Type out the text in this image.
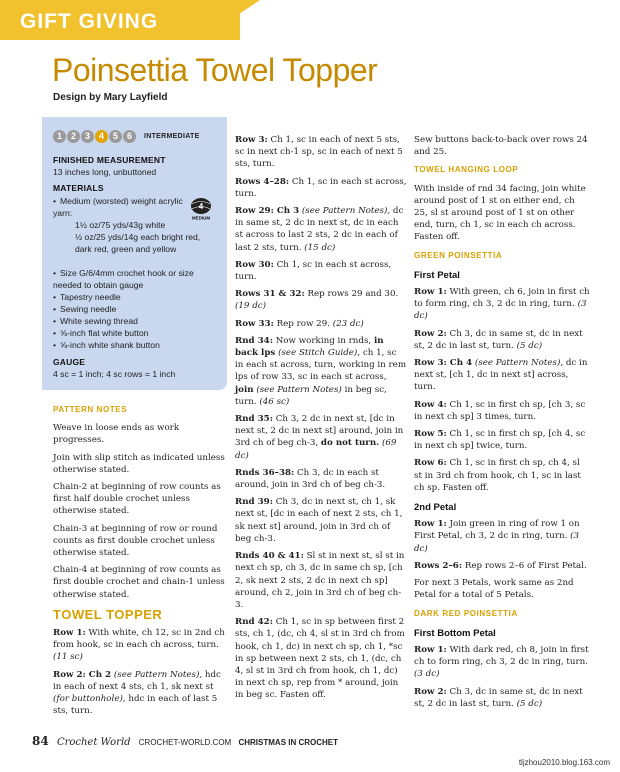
GIFT GIVING
Poinsettia Towel Topper
Design by Mary Layfield
1 2 3 4 5 6	INTERMEDIATE
FINISHED MEASUREMENT
13 inches long, unbuttoned
MATERIALS
4
MEDIUM
• Medium (worsted) weight acrylic yarn:
1½ oz/75 yds/43g white
½ oz/25 yds/14g each bright red, dark red, green and yellow
• Size G/6/4mm crochet hook or size needed to obtain gauge
• Tapestry needle
• Sewing needle
• White sewing thread
• ⅝-inch flat white button
• ⅝-inch white shank button
GAUGE
4 sc = 1 inch; 4 sc rows = 1 inch
PATTERN NOTES

Weave in loose ends as work progresses.

Join with slip stitch as indicated unless otherwise stated.

Chain-2 at beginning of row counts as first half double crochet unless otherwise stated.

Chain-3 at beginning of row or round counts as first double crochet unless otherwise stated.

Chain-4 at beginning of row counts as first double crochet and chain-1 unless otherwise stated.

TOWEL TOPPER

Row 1: With white, ch 12, sc in 2nd ch from hook, sc in each ch across, turn. (11 sc)

Row 2: Ch 2 (see Pattern Notes), hdc in each of next 4 sts, ch 1, sk next st (for buttonhole), hdc in each of last 5 sts, turn.

Row 3: Ch 1, sc in each of next 5 sts, sc in next ch-1 sp, sc in each of next 5 sts, turn.

Rows 4–28: Ch 1, sc in each st across, turn.

Row 29: Ch 3 (see Pattern Notes), dc in same st, 2 dc in next st, dc in each st across to last 2 sts, 2 dc in each of last 2 sts, turn. (15 dc)

Row 30: Ch 1, sc in each st across, turn.

Rows 31 & 32: Rep rows 29 and 30. (19 dc)

Row 33: Rep row 29. (23 dc)

Rnd 34: Now working in rnds, in back lps (see Stitch Guide), ch 1, sc in each st across, turn, working in rem lps of row 33, sc in each st across, join (see Pattern Notes) in beg sc, turn. (46 sc)

Rnd 35: Ch 3, 2 dc in next st, [dc in next st, 2 dc in next st] around, join in 3rd ch of beg ch-3, do not turn. (69 dc)

Rnds 36–38: Ch 3, dc in each st around, join in 3rd ch of beg ch-3.

Rnd 39: Ch 3, dc in next st, ch 1, sk next st, [dc in each of next 2 sts, ch 1, sk next st] around, join in 3rd ch of beg ch-3.

Rnds 40 & 41: Sl st in next st, sl st in next ch sp, ch 3, dc in same ch sp, [ch 2, sk next 2 sts, 2 dc in next ch sp] around, ch 2, join in 3rd ch of beg ch-3.

Rnd 42: Ch 1, sc in sp between first 2 sts, ch 1, (dc, ch 4, sl st in 3rd ch from hook, ch 1, dc) in next ch sp, ch 1, *sc in sp between next 2 sts, ch 1, (dc, ch 4, sl st in 3rd ch from hook, ch 1, dc) in next ch sp, rep from * around, join in beg sc. Fasten off.

Sew buttons back-to-back over rows 24 and 25.

TOWEL HANGING LOOP

With inside of rnd 34 facing, join white around post of 1 st on either end, ch 25, sl st around post of 1 st on other end, turn, ch 1, sc in each ch across. Fasten off.

GREEN POINSETTIA
First Petal

Row 1: With green, ch 6, join in first ch to form ring, ch 3, 2 dc in ring, turn. (3 dc)

Row 2: Ch 3, dc in same st, dc in next st, 2 dc in last st, turn. (5 dc)

Row 3: Ch 4 (see Pattern Notes), dc in next st, [ch 1, dc in next st] across, turn.

Row 4: Ch 1, sc in first ch sp, [ch 3, sc in next ch sp] 3 times, turn.

Row 5: Ch 1, sc in first ch sp, [ch 4, sc in next ch sp] twice, turn.

Row 6: Ch 1, sc in first ch sp, ch 4, sl st in 3rd ch from hook, ch 1, sc in last ch sp. Fasten off.

2nd Petal

Row 1: Join green in ring of row 1 on First Petal, ch 3, 2 dc in ring, turn. (3 dc)

Rows 2–6: Rep rows 2–6 of First Petal.

For next 3 Petals, work same as 2nd Petal for a total of 5 Petals.

DARK RED POINSETTIA
First Bottom Petal

Row 1: With dark red, ch 8, join in first ch to form ring, ch 3, 2 dc in ring, turn. (3 dc)

Row 2: Ch 3, dc in same st, dc in next st, 2 dc in last st, turn. (5 dc)

84 Crochet World CROCHET-WORLD.COM CHRISTMAS IN CROCHET
tljzhou2010.blog.163.com
